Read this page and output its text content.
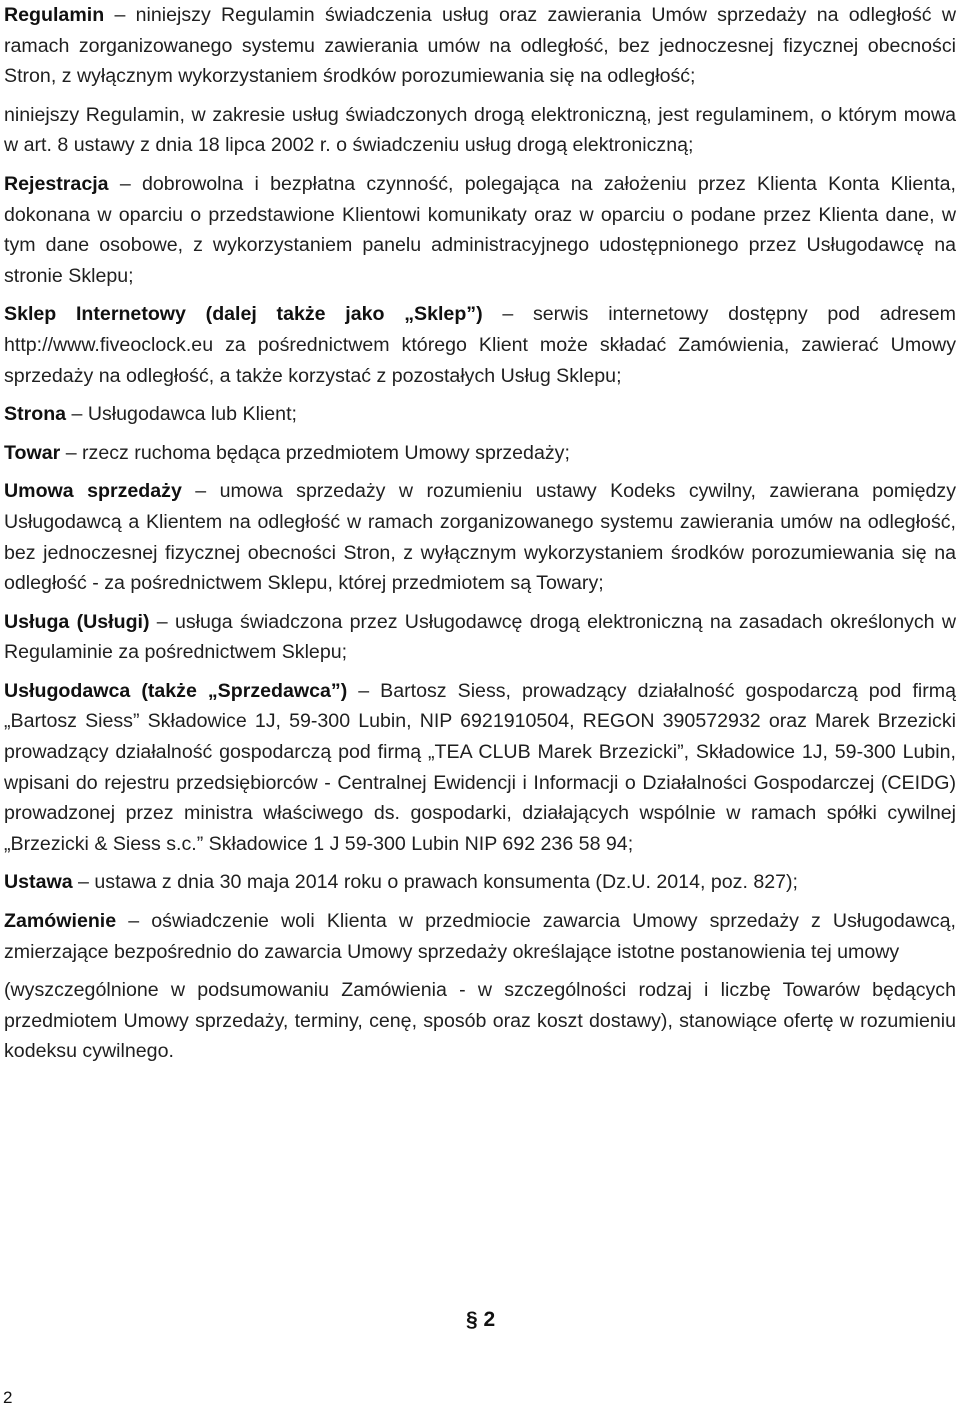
Regulamin – niniejszy Regulamin świadczenia usług oraz zawierania Umów sprzedaży na odległość w ramach zorganizowanego systemu zawierania umów na odległość, bez jednoczesnej fizycznej obecności Stron, z wyłącznym wykorzystaniem środków porozumiewania się na odległość;

niniejszy Regulamin, w zakresie usług świadczonych drogą elektroniczną, jest regulaminem, o którym mowa w art. 8 ustawy z dnia 18 lipca 2002 r. o świadczeniu usług drogą elektroniczną;

Rejestracja – dobrowolna i bezpłatna czynność, polegająca na założeniu przez Klienta Konta Klienta, dokonana w oparciu o przedstawione Klientowi komunikaty oraz w oparciu o podane przez Klienta dane, w tym dane osobowe, z wykorzystaniem panelu administracyjnego udostępnionego przez Usługodawcę na stronie Sklepu;

Sklep Internetowy (dalej także jako „Sklep”) – serwis internetowy dostępny pod adresem http://www.fiveoclock.eu za pośrednictwem którego Klient może składać Zamówienia, zawierać Umowy sprzedaży na odległość, a także korzystać z pozostałych Usług Sklepu;

Strona – Usługodawca lub Klient;

Towar – rzecz ruchoma będąca przedmiotem Umowy sprzedaży;

Umowa sprzedaży – umowa sprzedaży w rozumieniu ustawy Kodeks cywilny, zawierana pomiędzy Usługodawcą a Klientem na odległość w ramach zorganizowanego systemu zawierania umów na odległość, bez jednoczesnej fizycznej obecności Stron, z wyłącznym wykorzystaniem środków porozumiewania się na odległość - za pośrednictwem Sklepu, której przedmiotem są Towary;

Usługa (Usługi) – usługa świadczona przez Usługodawcę drogą elektroniczną na zasadach określonych w Regulaminie za pośrednictwem Sklepu;

Usługodawca (także „Sprzedawca”) – Bartosz Siess, prowadzący działalność gospodarczą pod firmą „Bartosz Siess” Składowice 1J, 59-300 Lubin, NIP 6921910504, REGON 390572932 oraz Marek Brzezicki prowadzący działalność gospodarczą pod firmą „TEA CLUB Marek Brzezicki”, Składowice 1J, 59-300 Lubin, wpisani do rejestru przedsiębiorców - Centralnej Ewidencji i Informacji o Działalności Gospodarczej (CEIDG) prowadzonej przez ministra właściwego ds. gospodarki, działających wspólnie w ramach spółki cywilnej „Brzezicki & Siess s.c.” Składowice 1 J 59-300 Lubin NIP 692 236 58 94;

Ustawa – ustawa z dnia 30 maja 2014 roku o prawach konsumenta (Dz.U. 2014, poz. 827);

Zamówienie – oświadczenie woli Klienta w przedmiocie zawarcia Umowy sprzedaży z Usługodawcą, zmierzające bezpośrednio do zawarcia Umowy sprzedaży określające istotne postanowienia tej umowy

(wyszczególnione w podsumowaniu Zamówienia - w szczególności rodzaj i liczbę Towarów będących przedmiotem Umowy sprzedaży, terminy, cenę, sposób oraz koszt dostawy), stanowiące ofertę w rozumieniu kodeksu cywilnego.

§ 2
2
